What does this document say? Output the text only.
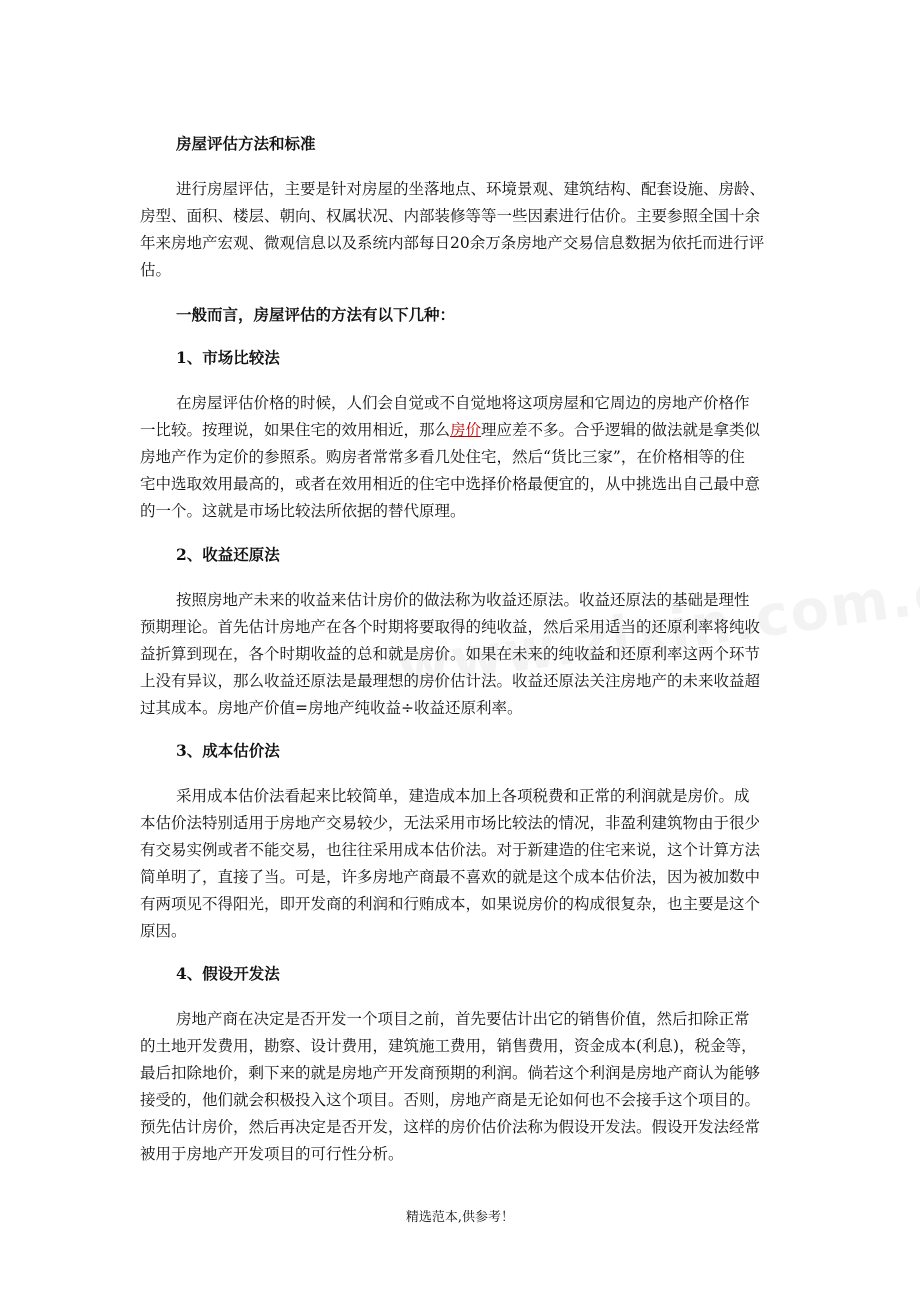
房屋评估方法和标准
进行房屋评估，主要是针对房屋的坐落地点、环境景观、建筑结构、配套设施、房龄、
房型、面积、楼层、朝向、权属状况、内部装修等等一些因素进行估价。主要参照全国十余
年来房地产宏观、微观信息以及系统内部每日20余万条房地产交易信息数据为依托而进行评
估。
一般而言，房屋评估的方法有以下几种：
1、市场比较法
在房屋评估价格的时候，人们会自觉或不自觉地将这项房屋和它周边的房地产价格作
一比较。按理说，如果住宅的效用相近，那么房价理应差不多。合乎逻辑的做法就是拿类似
房地产作为定价的参照系。购房者常常多看几处住宅，然后“货比三家”，在价格相等的住
宅中选取效用最高的，或者在效用相近的住宅中选择价格最便宜的，从中挑选出自己最中意
的一个。这就是市场比较法所依据的替代原理。
2、收益还原法
按照房地产未来的收益来估计房价的做法称为收益还原法。收益还原法的基础是理性
预期理论。首先估计房地产在各个时期将要取得的纯收益，然后采用适当的还原利率将纯收
益折算到现在，各个时期收益的总和就是房价。如果在未来的纯收益和还原利率这两个环节
上没有异议，那么收益还原法是最理想的房价估计法。收益还原法关注房地产的未来收益超
过其成本。房地产价值=房地产纯收益÷收益还原利率。
3、成本估价法
采用成本估价法看起来比较简单，建造成本加上各项税费和正常的利润就是房价。成
本估价法特别适用于房地产交易较少，无法采用市场比较法的情况，非盈利建筑物由于很少
有交易实例或者不能交易，也往往采用成本估价法。对于新建造的住宅来说，这个计算方法
简单明了，直接了当。可是，许多房地产商最不喜欢的就是这个成本估价法，因为被加数中
有两项见不得阳光，即开发商的利润和行贿成本，如果说房价的构成很复杂，也主要是这个
原因。
4、假设开发法
房地产商在决定是否开发一个项目之前，首先要估计出它的销售价值，然后扣除正常
的土地开发费用，勘察、设计费用，建筑施工费用，销售费用，资金成本(利息)，税金等，
最后扣除地价，剩下来的就是房地产开发商预期的利润。倘若这个利润是房地产商认为能够
接受的，他们就会积极投入这个项目。否则，房地产商是无论如何也不会接手这个项目的。
预先估计房价，然后再决定是否开发，这样的房价估价法称为假设开发法。假设开发法经常
被用于房地产开发项目的可行性分析。
精选范本,供参考！
